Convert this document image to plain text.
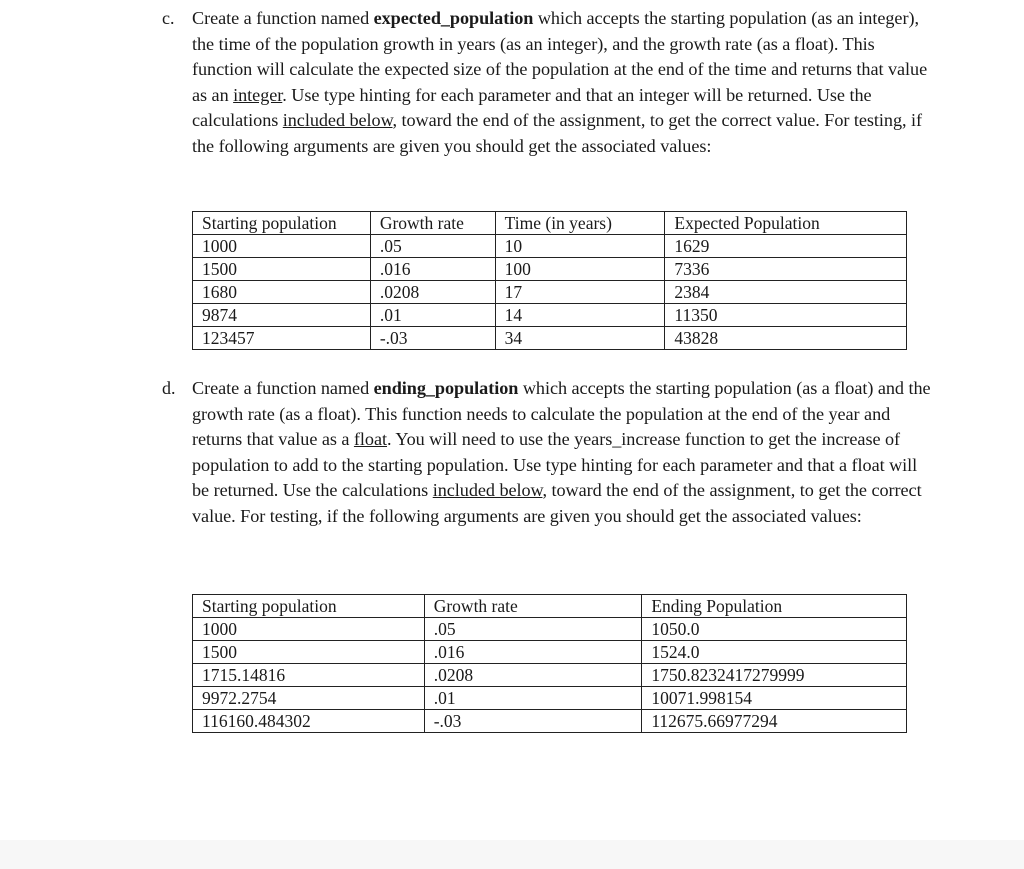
c. Create a function named expected_population which accepts the starting population (as an integer), the time of the population growth in years (as an integer), and the growth rate (as a float). This function will calculate the expected size of the population at the end of the time and returns that value as an integer. Use type hinting for each parameter and that an integer will be returned. Use the calculations included below, toward the end of the assignment, to get the correct value. For testing, if the following arguments are given you should get the associated values:

Starting population	Growth rate	Time (in years)	Expected Population
1000	.05	10	1629
1500	.016	100	7336
1680	.0208	17	2384
9874	.01	14	11350
123457	-.03	34	43828
d. Create a function named ending_population which accepts the starting population (as a float) and the growth rate (as a float). This function needs to calculate the population at the end of the year and returns that value as a float. You will need to use the years_increase function to get the increase of population to add to the starting population. Use type hinting for each parameter and that a float will be returned. Use the calculations included below, toward the end of the assignment, to get the correct value. For testing, if the following arguments are given you should get the associated values:

Starting population	Growth rate	Ending Population
1000	.05	1050.0
1500	.016	1524.0
1715.14816	.0208	1750.8232417279999
9972.2754	.01	10071.998154
116160.484302	-.03	112675.66977294
